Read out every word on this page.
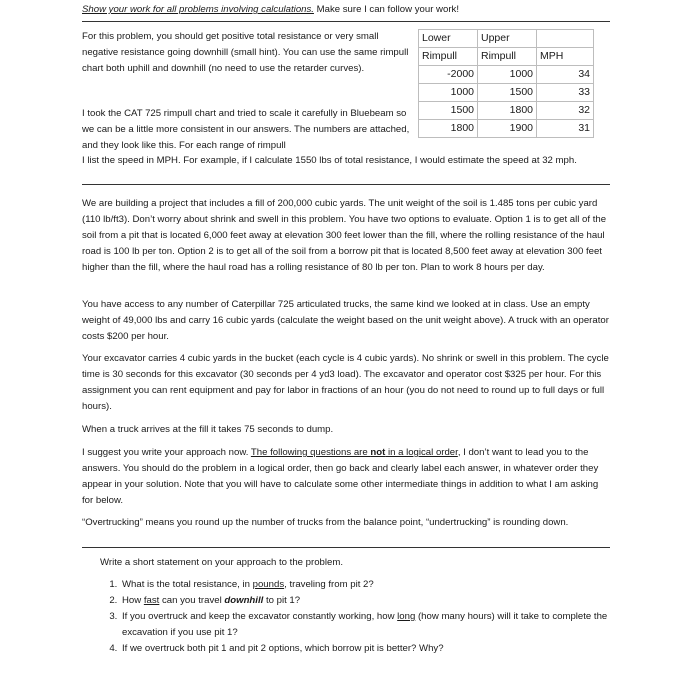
Show your work for all problems involving calculations. Make sure I can follow your work!

For this problem, you should get positive total resistance or very small negative resistance going downhill (small hint). You can use the same rimpull chart both uphill and downhill (no need to use the retarder curves).

Lower	Upper	
Rimpull	Rimpull	MPH
-2000	1000	34
1000	1500	33
1500	1800	32
1800	1900	31

I took the CAT 725 rimpull chart and tried to scale it carefully in Bluebeam so we can be a little more consistent in our answers. The numbers are attached, and they look like this. For each range of rimpull

I list the speed in MPH. For example, if I calculate 1550 lbs of total resistance, I would estimate the speed at 32 mph.

We are building a project that includes a fill of 200,000 cubic yards. The unit weight of the soil is 1.485 tons per cubic yard (110 lb/ft3). Don’t worry about shrink and swell in this problem. You have two options to evaluate. Option 1 is to get all of the soil from a pit that is located 6,000 feet away at elevation 300 feet lower than the fill, where the rolling resistance of the haul road is 100 lb per ton. Option 2 is to get all of the soil from a borrow pit that is located 8,500 feet away at elevation 300 feet higher than the fill, where the haul road has a rolling resistance of 80 lb per ton. Plan to work 8 hours per day.

You have access to any number of Caterpillar 725 articulated trucks, the same kind we looked at in class. Use an empty weight of 49,000 lbs and carry 16 cubic yards (calculate the weight based on the unit weight above). A truck with an operator costs $200 per hour.

Your excavator carries 4 cubic yards in the bucket (each cycle is 4 cubic yards). No shrink or swell in this problem. The cycle time is 30 seconds for this excavator (30 seconds per 4 yd3 load). The excavator and operator cost $325 per hour. For this assignment you can rent equipment and pay for labor in fractions of an hour (you do not need to round up to full days or full hours).

When a truck arrives at the fill it takes 75 seconds to dump.

I suggest you write your approach now. The following questions are not in a logical order, I don’t want to lead you to the answers. You should do the problem in a logical order, then go back and clearly label each answer, in whatever order they appear in your solution. Note that you will have to calculate some other intermediate things in addition to what I am asking for below.

“Overtrucking” means you round up the number of trucks from the balance point, “undertrucking” is rounding down.

Write a short statement on your approach to the problem.

1. What is the total resistance, in pounds, traveling from pit 2?
2. How fast can you travel downhill to pit 1?
3. If you overtruck and keep the excavator constantly working, how long (how many hours) will it take to complete the excavation if you use pit 1?
4. If we overtruck both pit 1 and pit 2 options, which borrow pit is better? Why?
